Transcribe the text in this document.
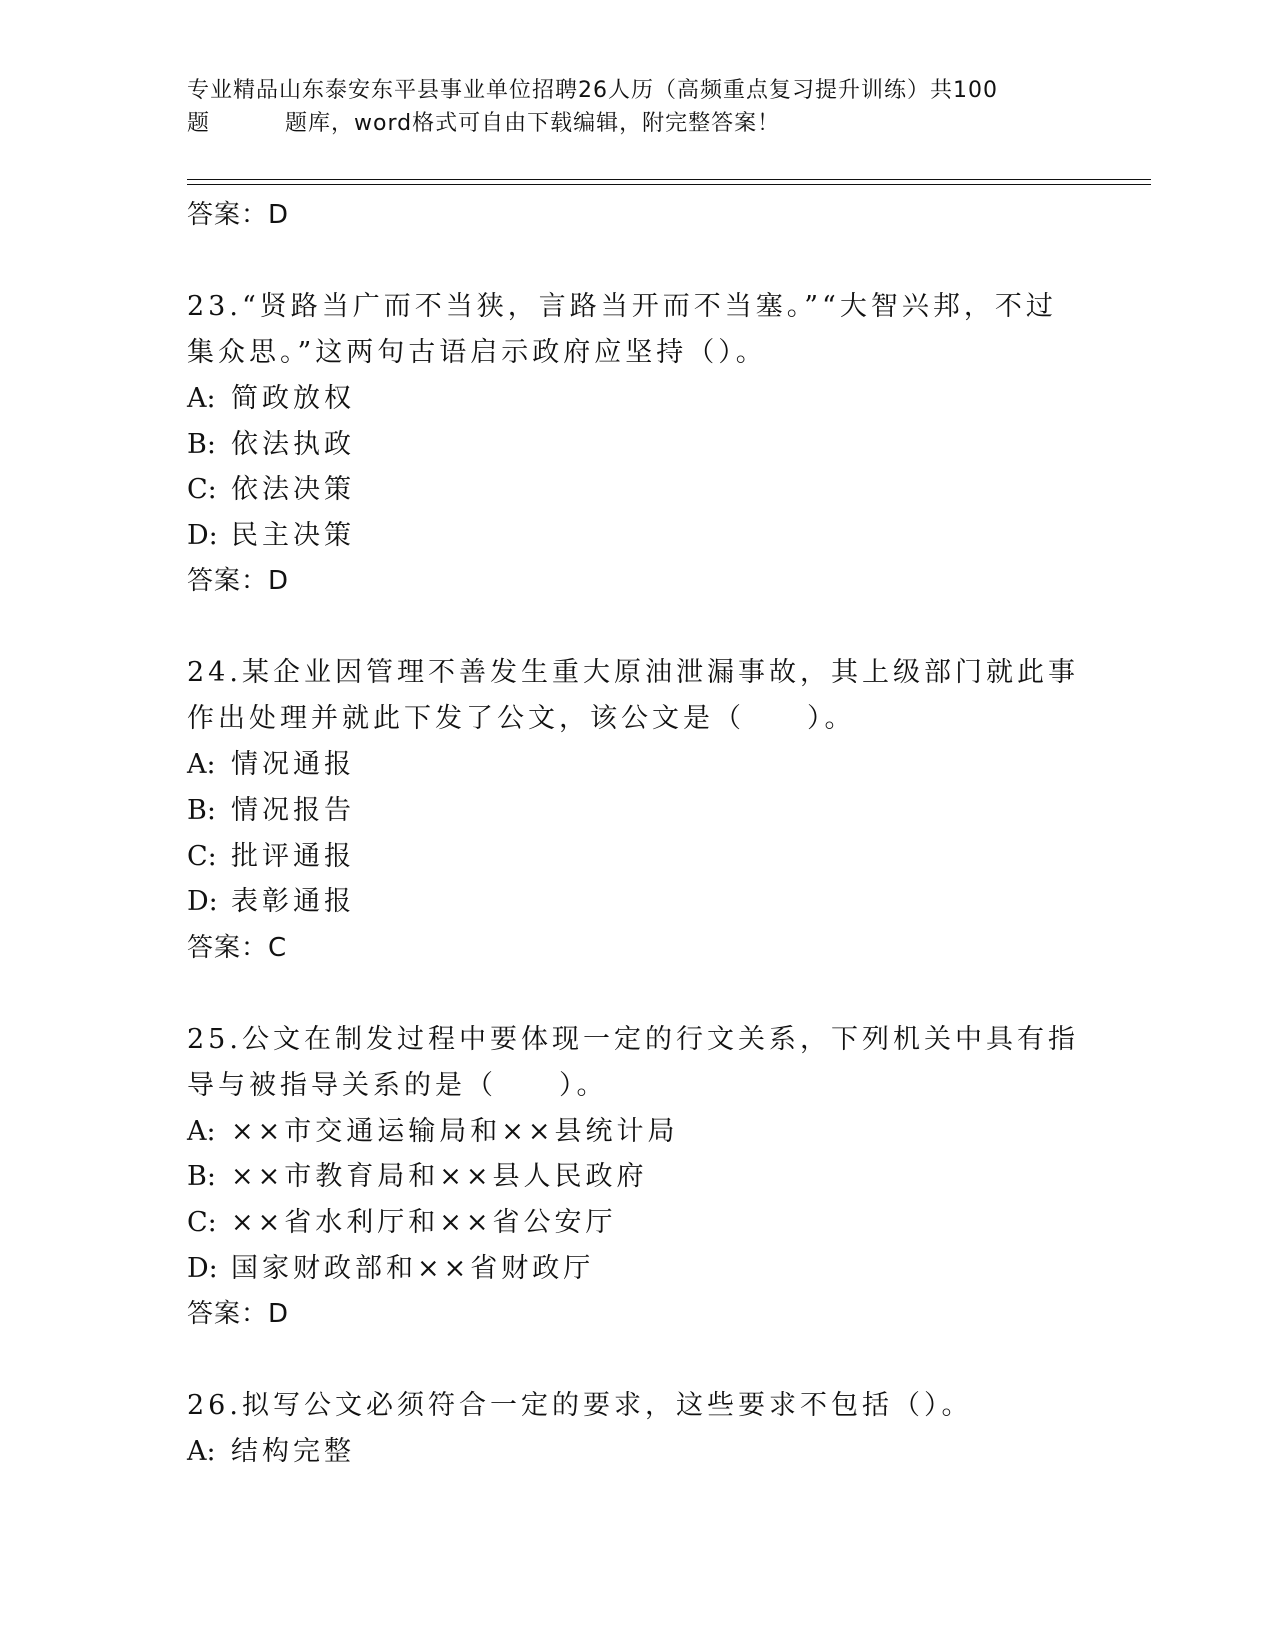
专业精品山东泰安东平县事业单位招聘26人历（高频重点复习提升训练）共100
题	题库，word格式可自由下载编辑，附完整答案！
答案：D
23.“贤路当广而不当狭，言路当开而不当塞。”“大智兴邦，不过集众思。”这两句古语启示政府应坚持（）。
A: 简政放权
B: 依法执政
C: 依法决策
D: 民主决策
答案：D
24.某企业因管理不善发生重大原油泄漏事故，其上级部门就此事作出处理并就此下发了公文，该公文是（　　）。
A: 情况通报
B: 情况报告
C: 批评通报
D: 表彰通报
答案：C
25.公文在制发过程中要体现一定的行文关系，下列机关中具有指导与被指导关系的是（　　）。
A: ××市交通运输局和××县统计局
B: ××市教育局和××县人民政府
C: ××省水利厅和××省公安厅
D: 国家财政部和××省财政厅
答案：D
26.拟写公文必须符合一定的要求，这些要求不包括（）。
A: 结构完整
